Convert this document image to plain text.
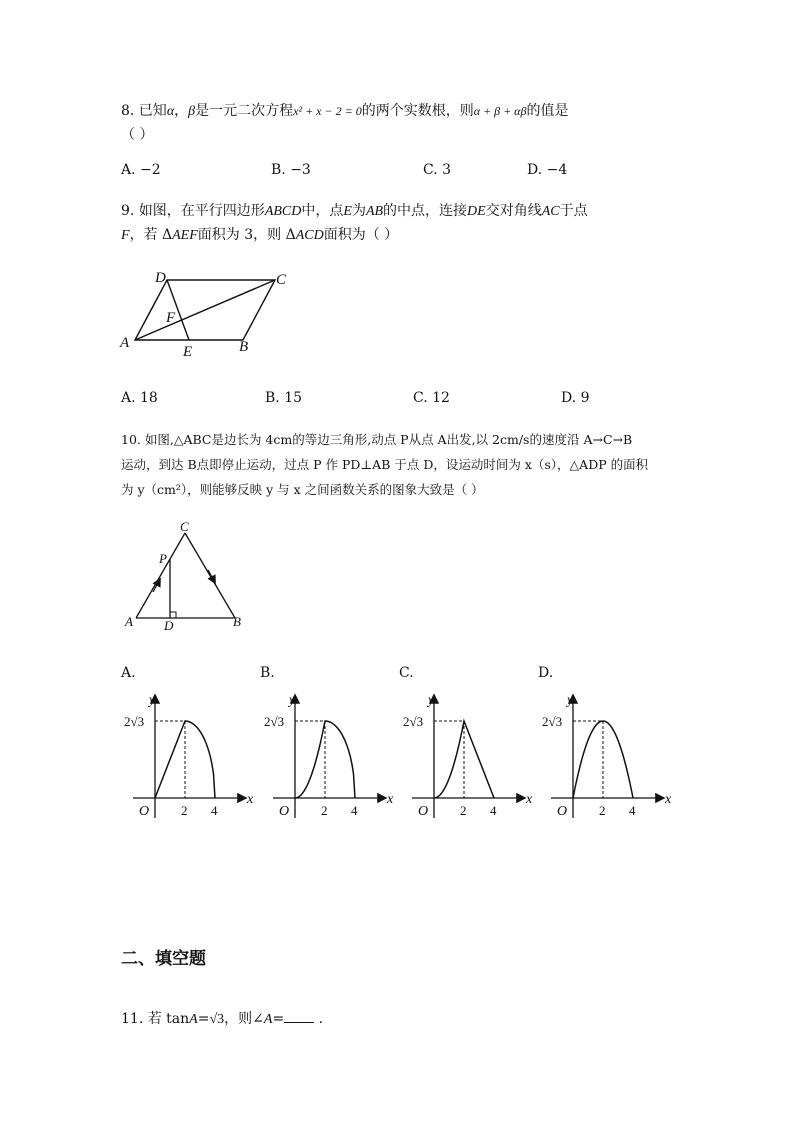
8. 已知α，β是一元二次方程x² + x − 2 = 0的两个实数根，则α + β + αβ的值是
（ ）
A. −2	B. −3	C. 3	D. −4
9. 如图，在平行四边形ABCD中，点E为AB的中点，连接DE交对角线AC于点
F，若 ΔAEF面积为 3，则 ΔACD面积为（ ）
D	C
F
A
E	B
A. 18	B. 15	C. 12	D. 9
10. 如图,△ABC是边长为 4cm的等边三角形,动点 P从点 A出发,以 2cm/s的速度沿 A→C→B
运动，到达 B点即停止运动，过点 P 作 PD⊥AB 于点 D，设运动时间为 x（s），△ADP 的面积
为 y（cm²），则能够反映 y 与 x 之间函数关系的图象大致是（ ）
C
P
A D	B
A.	B.	C.	D.
y
x
O
2√3
2 4
y
x
O
2√3
2 4
y
x
O
2√3
2 4
y
x
O
2√3
2 4
二、填空题
11. 若 tanA=√3，则∠A= .
